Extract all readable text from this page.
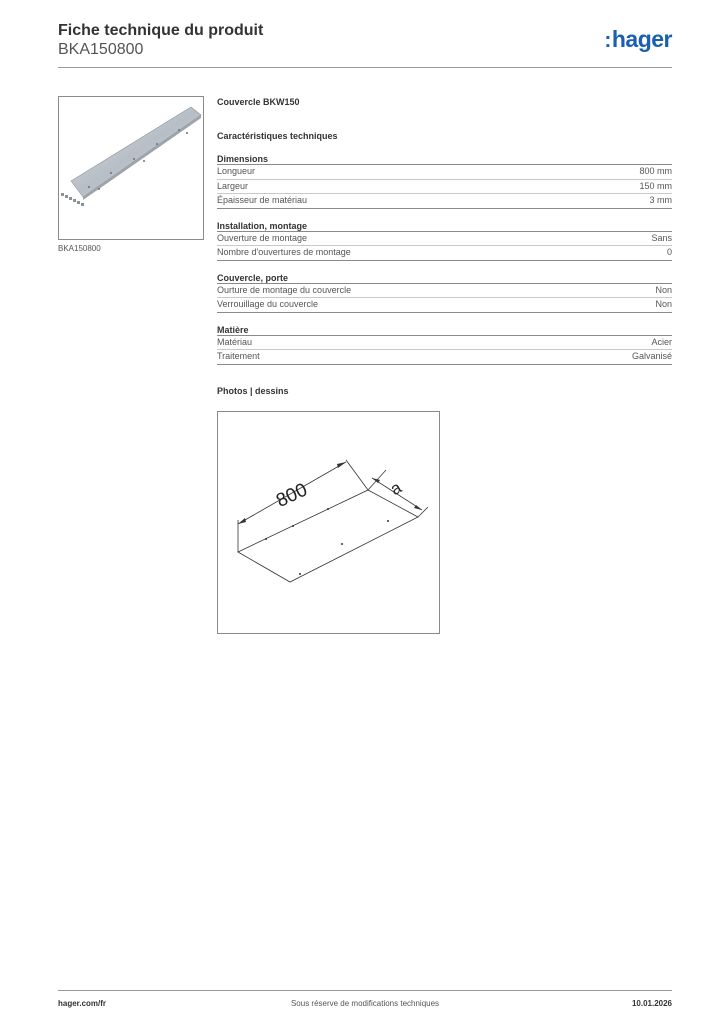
Fiche technique du produit
BKA150800	:hager
BKA150800
Couvercle BKW150
Caractéristiques techniques
Dimensions
Longueur	800 mm
Largeur	150 mm
Épaisseur de matériau	3 mm
Installation, montage
Ouverture de montage	Sans
Nombre d'ouvertures de montage	0
Couvercle, porte
Ourture de montage du couvercle	Non
Verrouillage du couvercle	Non
Matière
Matériau	Acier
Traitement	Galvanisé
Photos | dessins
800	a
hager.com/fr	Sous réserve de modifications techniques	10.01.2026
